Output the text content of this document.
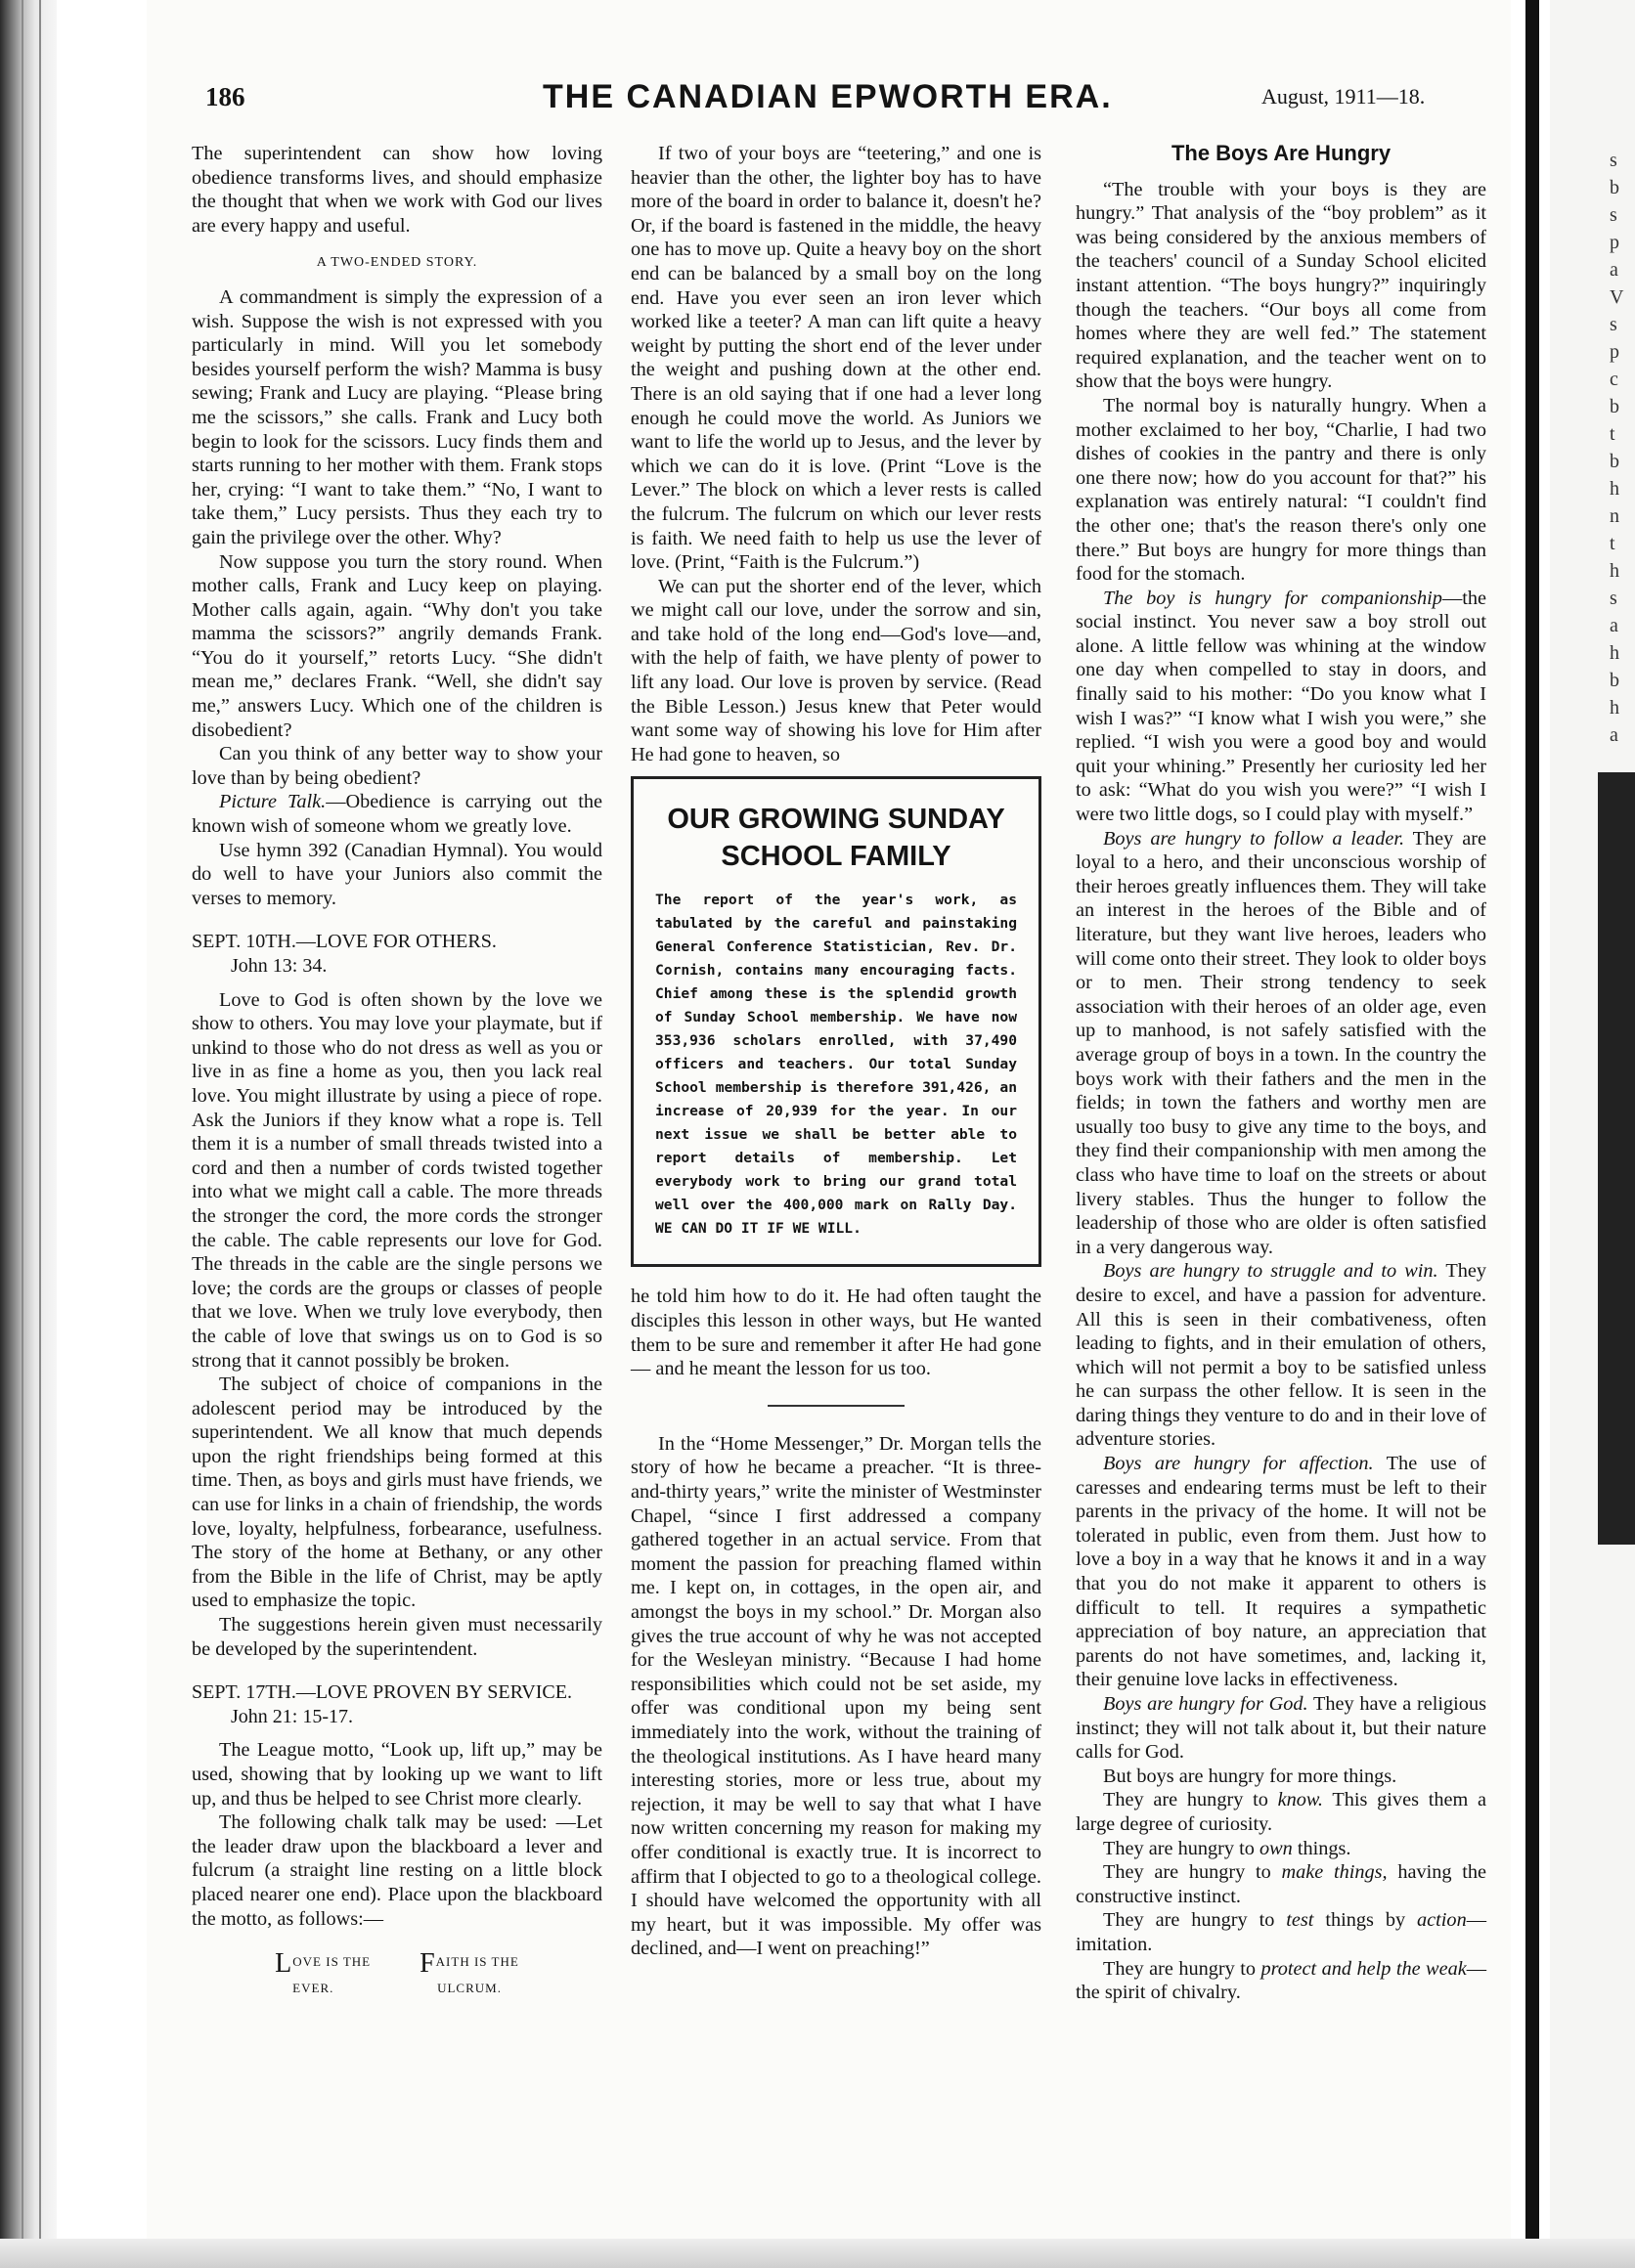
186	THE CANADIAN EPWORTH ERA.	August, 1911—18.

The superintendent can show how loving obedience transforms lives, and should emphasize the thought that when we work with God our lives are every happy and useful.

A TWO-ENDED STORY.

A commandment is simply the expression of a wish. Suppose the wish is not expressed with you particularly in mind. Will you let somebody besides yourself perform the wish? Mamma is busy sewing; Frank and Lucy are playing. “Please bring me the scissors,” she calls. Frank and Lucy both begin to look for the scissors. Lucy finds them and starts running to her mother with them. Frank stops her, crying: “I want to take them.” “No, I want to take them,” Lucy persists. Thus they each try to gain the privilege over the other. Why?

Now suppose you turn the story round. When mother calls, Frank and Lucy keep on playing. Mother calls again, again. “Why don't you take mamma the scissors?” angrily demands Frank. “You do it yourself,” retorts Lucy. “She didn't mean me,” declares Frank. “Well, she didn't say me,” answers Lucy. Which one of the children is disobedient?

Can you think of any better way to show your love than by being obedient?

Picture Talk.—Obedience is carrying out the known wish of someone whom we greatly love.

Use hymn 392 (Canadian Hymnal). You would do well to have your Juniors also commit the verses to memory.

SEPT. 10TH.—LOVE FOR OTHERS.
John 13: 34.

Love to God is often shown by the love we show to others. You may love your playmate, but if unkind to those who do not dress as well as you or live in as fine a home as you, then you lack real love. You might illustrate by using a piece of rope. Ask the Juniors if they know what a rope is. Tell them it is a number of small threads twisted into a cord and then a number of cords twisted together into what we might call a cable. The more threads the stronger the cord, the more cords the stronger the cable. The cable represents our love for God. The threads in the cable are the single persons we love; the cords are the groups or classes of people that we love. When we truly love everybody, then the cable of love that swings us on to God is so strong that it cannot possibly be broken.

The subject of choice of companions in the adolescent period may be introduced by the superintendent. We all know that much depends upon the right friendships being formed at this time. Then, as boys and girls must have friends, we can use for links in a chain of friendship, the words love, loyalty, helpfulness, forbearance, usefulness. The story of the home at Bethany, or any other from the Bible in the life of Christ, may be aptly used to emphasize the topic.

The suggestions herein given must necessarily be developed by the superintendent.

SEPT. 17TH.—LOVE PROVEN BY SERVICE.
John 21: 15-17.

The League motto, “Look up, lift up,” may be used, showing that by looking up we want to lift up, and thus be helped to see Christ more clearly.

The following chalk talk may be used: —Let the leader draw upon the blackboard a lever and fulcrum (a straight line resting on a little block placed nearer one end). Place upon the blackboard the motto, as follows:—

LOVE IS THE
EVER.
FAITH IS THE
ULCRUM.

If two of your boys are “teetering,” and one is heavier than the other, the lighter boy has to have more of the board in order to balance it, doesn't he? Or, if the board is fastened in the middle, the heavy one has to move up. Quite a heavy boy on the short end can be balanced by a small boy on the long end. Have you ever seen an iron lever which worked like a teeter? A man can lift quite a heavy weight by putting the short end of the lever under the weight and pushing down at the other end. There is an old saying that if one had a lever long enough he could move the world. As Juniors we want to life the world up to Jesus, and the lever by which we can do it is love. (Print “Love is the Lever.” The block on which a lever rests is called the fulcrum. The fulcrum on which our lever rests is faith. We need faith to help us use the lever of love. (Print, “Faith is the Fulcrum.”)

We can put the shorter end of the lever, which we might call our love, under the sorrow and sin, and take hold of the long end—God's love—and, with the help of faith, we have plenty of power to lift any load. Our love is proven by service. (Read the Bible Lesson.) Jesus knew that Peter would want some way of showing his love for Him after He had gone to heaven, so

OUR GROWING SUNDAY SCHOOL FAMILY
The report of the year's work, as tabulated by the careful and painstaking General Conference Statistician, Rev. Dr. Cornish, contains many encouraging facts. Chief among these is the splendid growth of Sunday School membership. We have now 353,936 scholars enrolled, with 37,490 officers and teachers. Our total Sunday School membership is therefore 391,426, an increase of 20,939 for the year. In our next issue we shall be better able to report details of membership. Let everybody work to bring our grand total well over the 400,000 mark on Rally Day. WE CAN DO IT IF WE WILL.

he told him how to do it. He had often taught the disciples this lesson in other ways, but He wanted them to be sure and remember it after He had gone— and he meant the lesson for us too.

In the “Home Messenger,” Dr. Morgan tells the story of how he became a preacher. “It is three-and-thirty years,” write the minister of Westminster Chapel, “since I first addressed a company gathered together in an actual service. From that moment the passion for preaching flamed within me. I kept on, in cottages, in the open air, and amongst the boys in my school.” Dr. Morgan also gives the true account of why he was not accepted for the Wesleyan ministry. “Because I had home responsibilities which could not be set aside, my offer was conditional upon my being sent immediately into the work, without the training of the theological institutions. As I have heard many interesting stories, more or less true, about my rejection, it may be well to say that what I have now written concerning my reason for making my offer conditional is exactly true. It is incorrect to affirm that I objected to go to a theological college. I should have welcomed the opportunity with all my heart, but it was impossible. My offer was declined, and—I went on preaching!”

The Boys Are Hungry

“The trouble with your boys is they are hungry.” That analysis of the “boy problem” as it was being considered by the anxious members of the teachers' council of a Sunday School elicited instant attention. “The boys hungry?” inquiringly though the teachers. “Our boys all come from homes where they are well fed.” The statement required explanation, and the teacher went on to show that the boys were hungry.

The normal boy is naturally hungry. When a mother exclaimed to her boy, “Charlie, I had two dishes of cookies in the pantry and there is only one there now; how do you account for that?” his explanation was entirely natural: “I couldn't find the other one; that's the reason there's only one there.” But boys are hungry for more things than food for the stomach.

The boy is hungry for companionship—the social instinct. You never saw a boy stroll out alone. A little fellow was whining at the window one day when compelled to stay in doors, and finally said to his mother: “Do you know what I wish I was?” “I know what I wish you were,” she replied. “I wish you were a good boy and would quit your whining.” Presently her curiosity led her to ask: “What do you wish you were?” “I wish I were two little dogs, so I could play with myself.”

Boys are hungry to follow a leader. They are loyal to a hero, and their unconscious worship of their heroes greatly influences them. They will take an interest in the heroes of the Bible and of literature, but they want live heroes, leaders who will come onto their street. They look to older boys or to men. Their strong tendency to seek association with their heroes of an older age, even up to manhood, is not safely satisfied with the average group of boys in a town. In the country the boys work with their fathers and the men in the fields; in town the fathers and worthy men are usually too busy to give any time to the boys, and they find their companionship with men among the class who have time to loaf on the streets or about livery stables. Thus the hunger to follow the leadership of those who are older is often satisfied in a very dangerous way.

Boys are hungry to struggle and to win. They desire to excel, and have a passion for adventure. All this is seen in their combativeness, often leading to fights, and in their emulation of others, which will not permit a boy to be satisfied unless he can surpass the other fellow. It is seen in the daring things they venture to do and in their love of adventure stories.

Boys are hungry for affection. The use of caresses and endearing terms must be left to their parents in the privacy of the home. It will not be tolerated in public, even from them. Just how to love a boy in a way that he knows it and in a way that you do not make it apparent to others is difficult to tell. It requires a sympathetic appreciation of boy nature, an appreciation that parents do not have sometimes, and, lacking it, their genuine love lacks in effectiveness.

Boys are hungry for God. They have a religious instinct; they will not talk about it, but their nature calls for God.

But boys are hungry for more things.

They are hungry to know. This gives them a large degree of curiosity.

They are hungry to own things.

They are hungry to make things, having the constructive instinct.

They are hungry to test things by action—imitation.

They are hungry to protect and help the weak—the spirit of chivalry.

s
b
s
p
a
V
s
p
c
b
t
b
h
n
t
h
s
a
h
b
h
a
